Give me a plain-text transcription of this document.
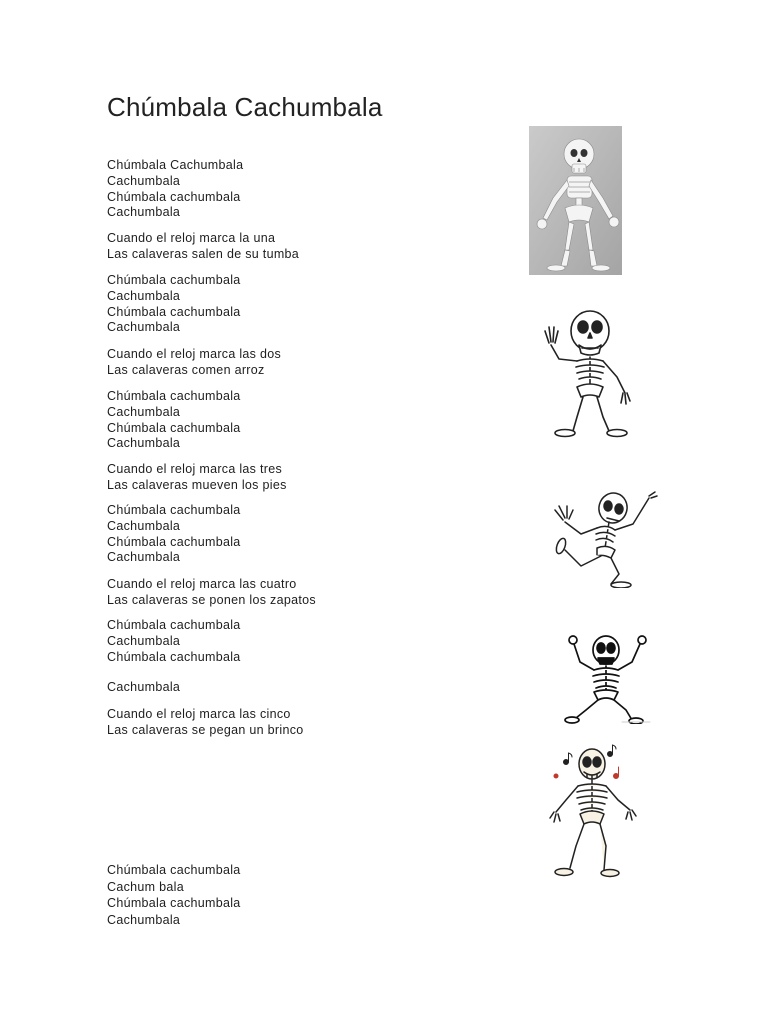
Chúmbala Cachumbala
Chúmbala Cachumbala
Cachumbala
Chúmbala cachumbala
Cachumbala
Cuando el reloj marca la una
Las calaveras salen de su tumba
Chúmbala cachumbala
Cachumbala
Chúmbala cachumbala
Cachumbala
Cuando el reloj marca las dos
Las calaveras comen arroz
Chúmbala cachumbala
Cachumbala
Chúmbala cachumbala
Cachumbala
Cuando el reloj marca las tres
Las calaveras mueven los pies
Chúmbala cachumbala
Cachumbala
Chúmbala cachumbala
Cachumbala
Cuando el reloj marca las cuatro
Las calaveras se ponen los zapatos
Chúmbala cachumbala
Cachumbala
Chúmbala cachumbala
Cachumbala
Cuando el reloj marca las cinco
Las calaveras se pegan un brinco
Chúmbala cachumbala
Cachum bala
Chúmbala cachumbala
Cachumbala
